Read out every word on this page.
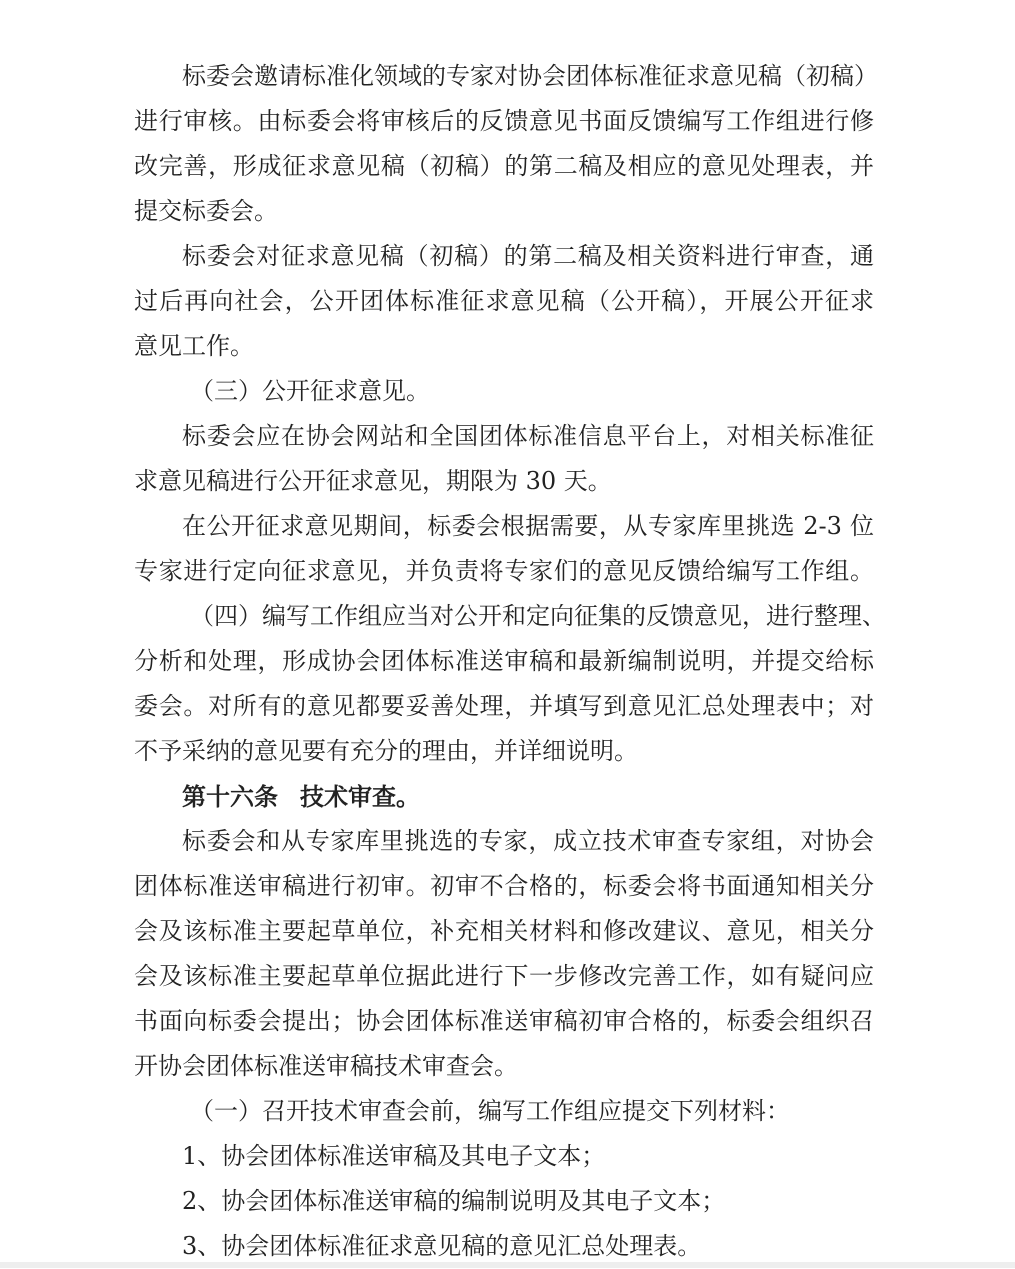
标委会邀请标准化领域的专家对协会团体标准征求意见稿（初稿）
进行审核。由标委会将审核后的反馈意见书面反馈编写工作组进行修
改完善，形成征求意见稿（初稿）的第二稿及相应的意见处理表，并
提交标委会。
标委会对征求意见稿（初稿）的第二稿及相关资料进行审查，通
过后再向社会，公开团体标准征求意见稿（公开稿），开展公开征求
意见工作。
（三）公开征求意见。
标委会应在协会网站和全国团体标准信息平台上，对相关标准征
求意见稿进行公开征求意见，期限为 30 天。
在公开征求意见期间，标委会根据需要，从专家库里挑选 2-3 位
专家进行定向征求意见，并负责将专家们的意见反馈给编写工作组。
（四）编写工作组应当对公开和定向征集的反馈意见，进行整理、
分析和处理，形成协会团体标准送审稿和最新编制说明，并提交给标
委会。对所有的意见都要妥善处理，并填写到意见汇总处理表中；对
不予采纳的意见要有充分的理由，并详细说明。
第十六条 技术审查。
标委会和从专家库里挑选的专家，成立技术审查专家组，对协会
团体标准送审稿进行初审。初审不合格的，标委会将书面通知相关分
会及该标准主要起草单位，补充相关材料和修改建议、意见，相关分
会及该标准主要起草单位据此进行下一步修改完善工作，如有疑问应
书面向标委会提出；协会团体标准送审稿初审合格的，标委会组织召
开协会团体标准送审稿技术审查会。
（一）召开技术审查会前，编写工作组应提交下列材料：
1、协会团体标准送审稿及其电子文本；
2、协会团体标准送审稿的编制说明及其电子文本；
3、协会团体标准征求意见稿的意见汇总处理表。
